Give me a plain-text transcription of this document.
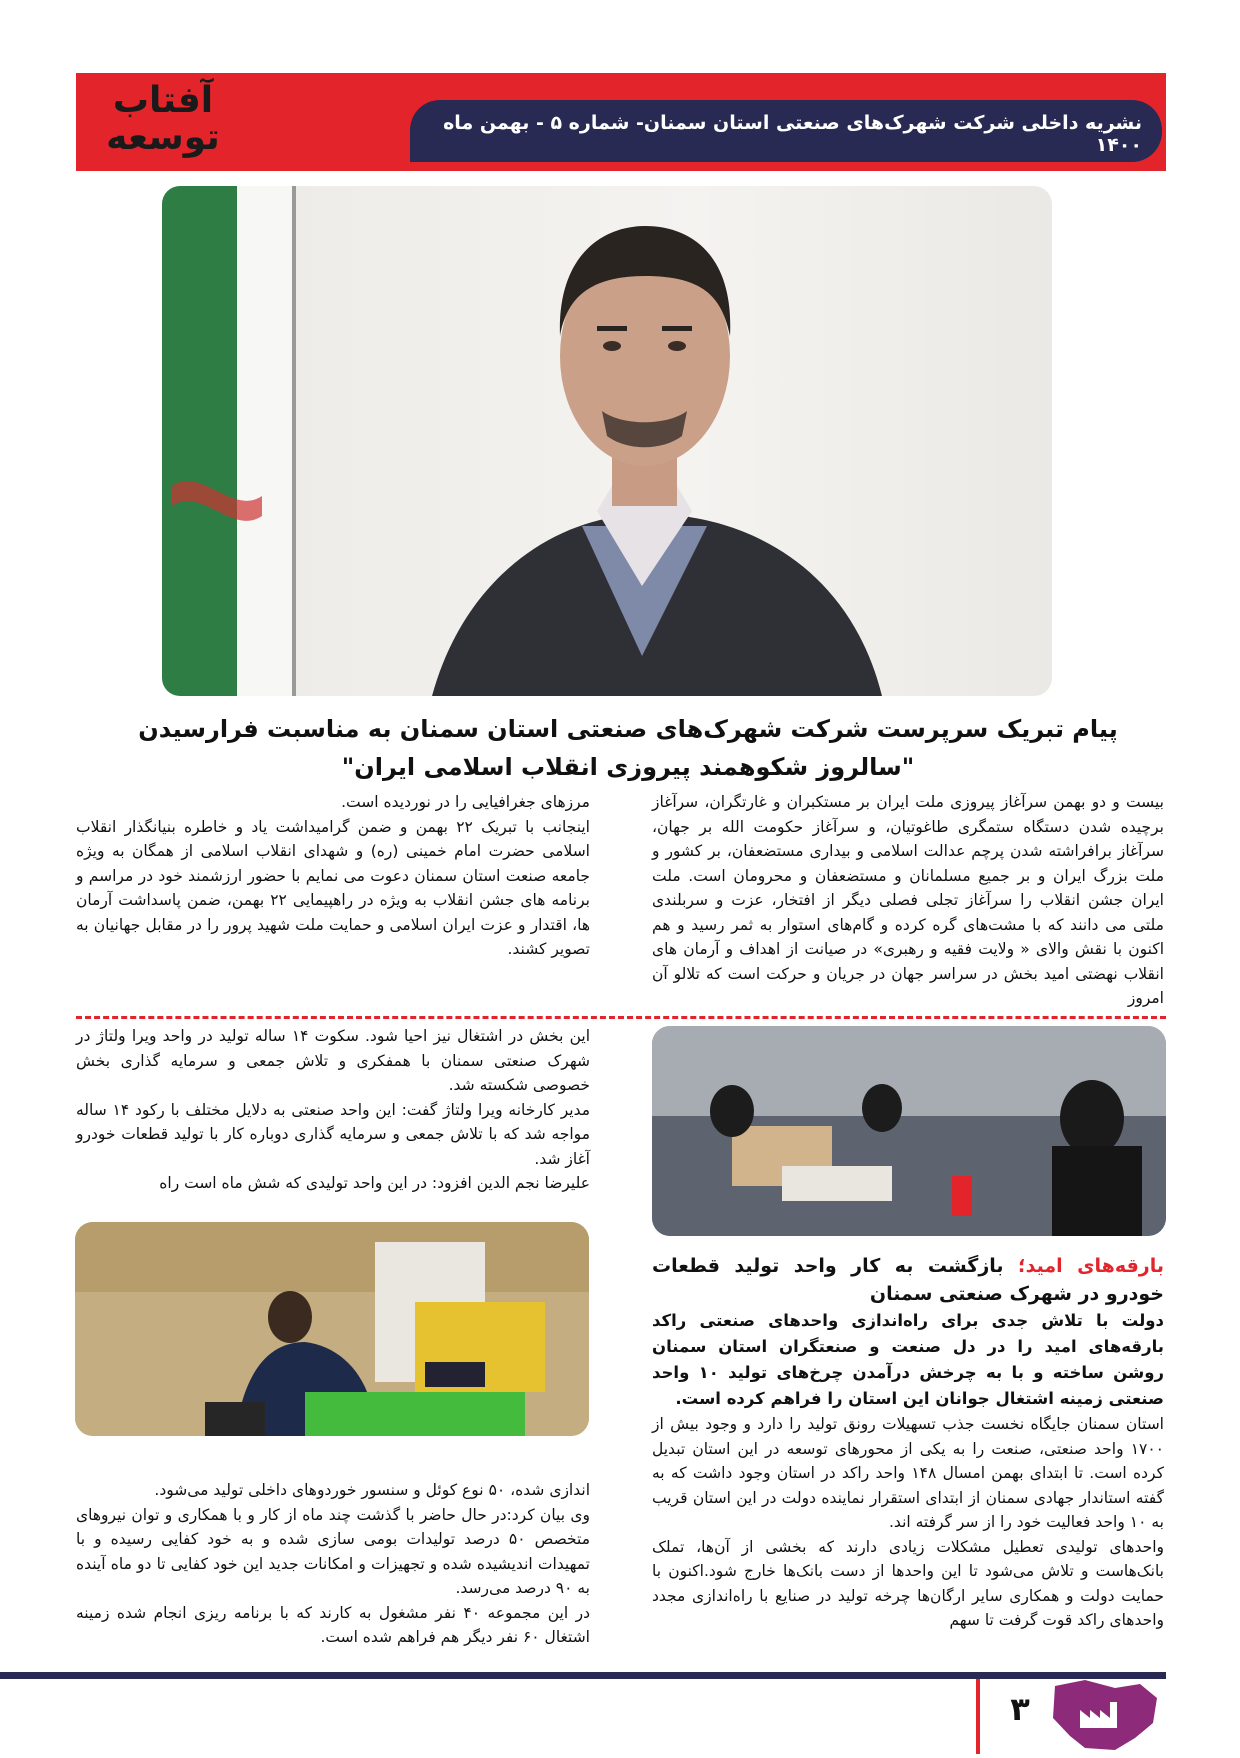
آفتاب
توسعه	نشریه داخلی شرکت شهرک‌های صنعتی استان سمنان- شماره ۵ - بهمن ماه ۱۴۰۰
پیام تبریک سرپرست شرکت شهرک‌های صنعتی استان سمنان به مناسبت فرارسیدن "سالروز شکوهمند پیروزی انقلاب اسلامی ایران"

بیست و دو بهمن سرآغاز پیروزی ملت ایران بر مستکبران و غارتگران، سرآغاز برچیده شدن دستگاه ستمگری طاغوتیان، و سرآغاز حکومت الله بر جهان، سرآغاز برافراشته شدن پرچم عدالت اسلامی و بیداری مستضعفان، بر کشور و ملت بزرگ ایران و بر جمیع مسلمانان و مستضعفان و محرومان است. ملت ایران جشن انقلاب را سرآغاز تجلی فصلی دیگر از افتخار، عزت و سربلندی ملتی می دانند که با مشت‌های گره کرده و گام‌های استوار به ثمر رسید و هم اکنون با نقش والای « ولایت فقیه و رهبری» در صیانت از اهداف و آرمان های انقلاب نهضتی امید بخش در سراسر جهان در جریان و حرکت است که تلالو آن امروز

مرزهای جغرافیایی را در نوردیده است.

اینجانب با تبریک ۲۲ بهمن و ضمن گرامیداشت یاد و خاطره بنیانگذار انقلاب اسلامی حضرت امام خمینی (ره) و شهدای انقلاب اسلامی از همگان به ویژه جامعه صنعت استان سمنان دعوت می نمایم با حضور ارزشمند خود در مراسم و برنامه های جشن انقلاب به ویژه در راهپیمایی ۲۲ بهمن، ضمن پاسداشت آرمان ها، اقتدار و عزت ایران اسلامی و حمایت ملت شهید پرور را در مقابل جهانیان به تصویر کشند.

این بخش در اشتغال نیز احیا شود. سکوت ۱۴ ساله تولید در واحد ویرا ولتاژ در شهرک صنعتی سمنان با همفکری و تلاش جمعی و سرمایه گذاری بخش خصوصی شکسته شد.

مدیر کارخانه ویرا ولتاژ گفت: این واحد صنعتی به دلایل مختلف با رکود ۱۴ ساله مواجه شد که با تلاش جمعی و سرمایه گذاری دوباره کار با تولید قطعات خودرو آغاز شد.

علیرضا نجم الدین افزود: در این واحد تولیدی که شش ماه است راه

اندازی شده، ۵۰ نوع کوئل و سنسور خوردوهای داخلی تولید می‌شود.

وی بیان کرد:در حال حاضر با گذشت چند ماه از کار و با همکاری و توان نیروهای متخصص ۵۰ درصد تولیدات بومی سازی شده و به خود کفایی رسیده و با تمهیدات اندیشیده شده و تجهیزات و امکانات جدید این خود کفایی تا دو ماه آینده به ۹۰ درصد می‌رسد.

در این مجموعه ۴۰ نفر مشغول به کارند که با برنامه ریزی انجام شده زمینه اشتغال ۶۰ نفر دیگر هم فراهم شده است.

بارقه‌های امید؛ بازگشت به کار واحد تولید قطعات خودرو در شهرک صنعتی سمنان

دولت با تلاش جدی برای راه‌اندازی واحدهای صنعتی راکد بارقه‌های امید را در دل صنعت و صنعتگران استان سمنان روشن ساخته و با به چرخش درآمدن چرخ‌های تولید ۱۰ واحد صنعتی زمینه اشتغال جوانان این استان را فراهم کرده است.

استان سمنان جایگاه نخست جذب تسهیلات رونق تولید را دارد و وجود بیش از ۱۷۰۰ واحد صنعتی، صنعت را به یکی از محورهای توسعه در این استان تبدیل کرده است. تا ابتدای بهمن امسال ۱۴۸ واحد راکد در استان وجود داشت که به گفته استاندار جهادی سمنان از ابتدای استقرار نماینده دولت در این استان قریب به ۱۰ واحد فعالیت خود را از سر گرفته اند.

واحدهای تولیدی تعطیل مشکلات زیادی دارند که بخشی از آن‌ها، تملک بانک‌هاست و تلاش می‌شود تا این واحدها از دست بانک‌ها خارج شود.اکنون با حمایت دولت و همکاری سایر ارگان‌ها چرخه تولید در صنایع با راه‌اندازی مجدد واحدهای راکد قوت گرفت تا سهم

۳
